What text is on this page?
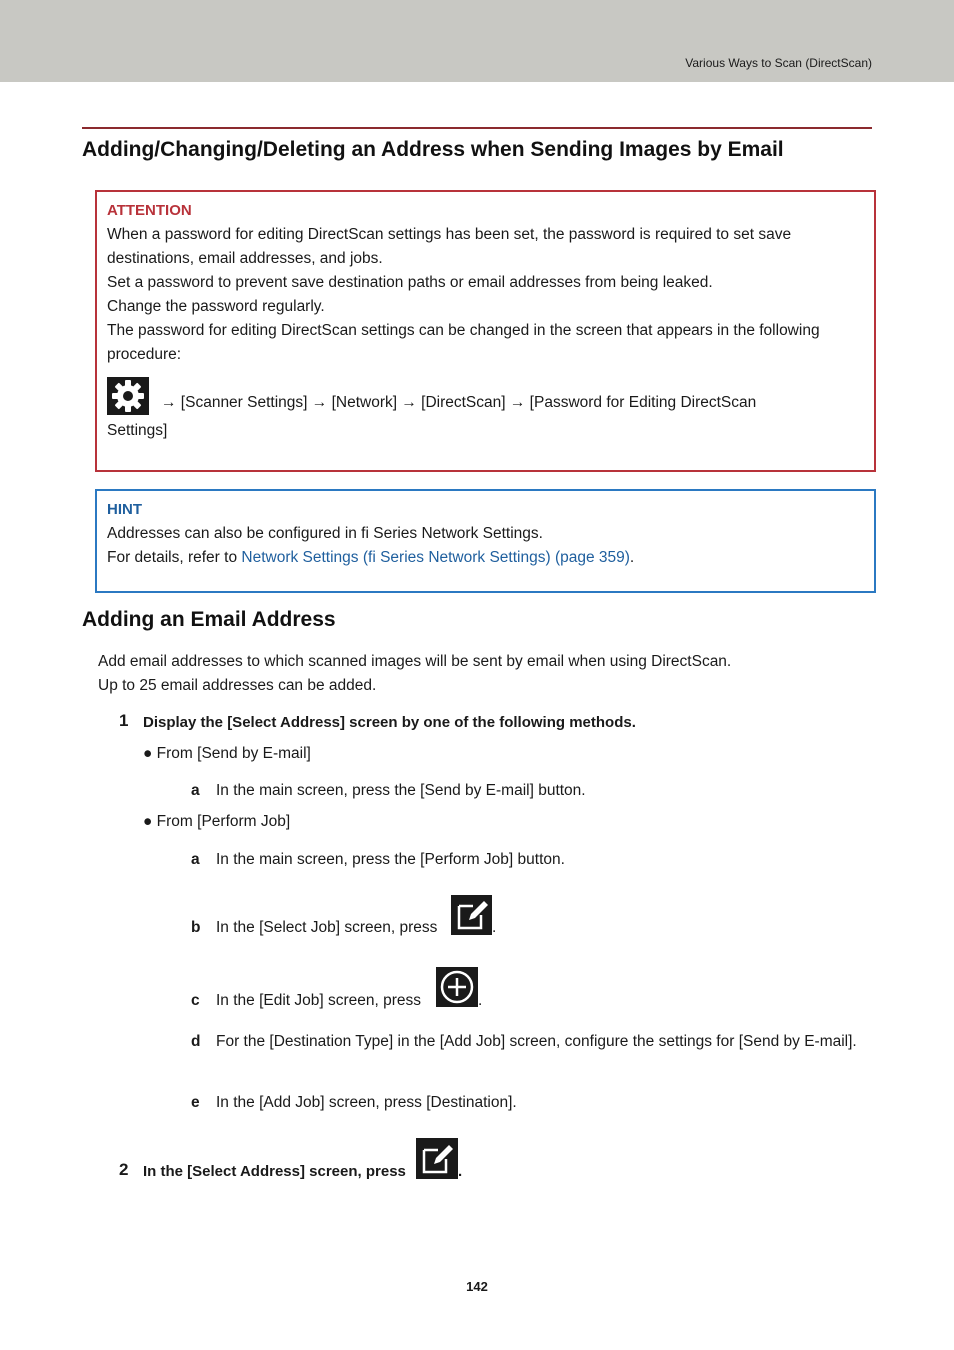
Various Ways to Scan (DirectScan)
Adding/Changing/Deleting an Address when Sending Images by Email
ATTENTION

When a password for editing DirectScan settings has been set, the password is required to set save destinations, email addresses, and jobs.

Set a password to prevent save destination paths or email addresses from being leaked.

Change the password regularly.

The password for editing DirectScan settings can be changed in the screen that appears in the following procedure:

→ [Scanner Settings] → [Network] → [DirectScan] → [Password for Editing DirectScan

Settings]

HINT

Addresses can also be configured in fi Series Network Settings.

For details, refer to Network Settings (fi Series Network Settings) (page 359).

Adding an Email Address
Add email addresses to which scanned images will be sent by email when using DirectScan.
Up to 25 email addresses can be added.
1 Display the [Select Address] screen by one of the following methods.
● From [Send by E-mail]
a In the main screen, press the [Send by E-mail] button.
● From [Perform Job]
a In the main screen, press the [Perform Job] button.
b In the [Select Job] screen, press	.
c In the [Edit Job] screen, press	.
d For the [Destination Type] in the [Add Job] screen, configure the settings for [Send by E-mail].
e In the [Add Job] screen, press [Destination].
2 In the [Select Address] screen, press	.
142
